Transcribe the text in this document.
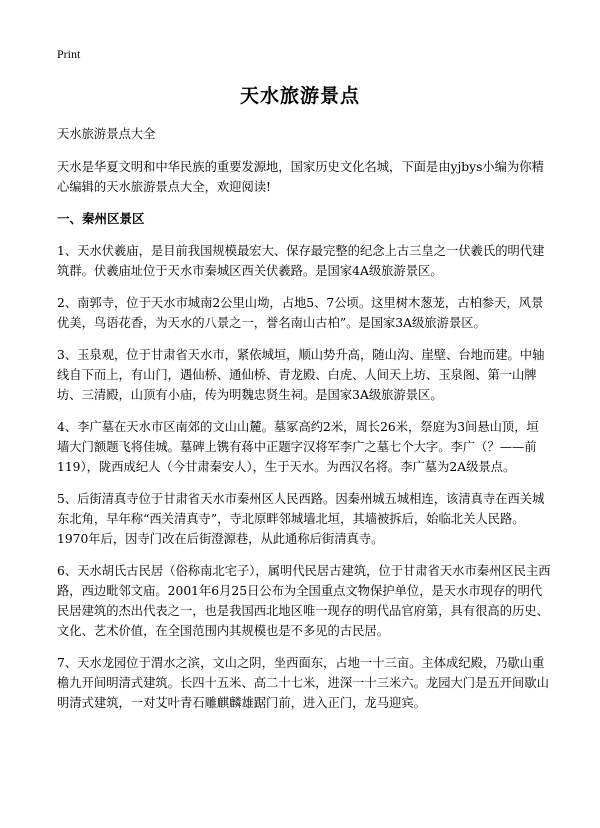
Print
天水旅游景点

天水旅游景点大全

天水是华夏文明和中华民族的重要发源地，国家历史文化名城，下面是由yjbys小编为你精心编辑的天水旅游景点大全，欢迎阅读!

一、秦州区景区

1、天水伏羲庙，是目前我国规模最宏大、保存最完整的纪念上古三皇之一伏羲氏的明代建筑群。伏羲庙址位于天水市秦城区西关伏羲路。是国家4A级旅游景区。

2、南郭寺，位于天水市城南2公里山坳，占地5、7公顷。这里树木葱茏，古柏参天，风景优美，鸟语花香，为天水的八景之一，誉名南山古柏”。是国家3A级旅游景区。

3、玉泉观，位于甘肃省天水市，紧依城垣，顺山势升高，随山沟、崖壁、台地而建。中轴线自下而上，有山门，遇仙桥、通仙桥、青龙殿、白虎、人间天上坊、玉泉阁、第一山牌坊、三清殿，山顶有小庙，传为明魏忠贤生祠。是国家3A级旅游景区。

4、李广墓在天水市区南郊的文山山麓。墓冢高约2米，周长26米，祭庭为3间悬山顶，垣墙大门额题飞将佳城。墓碑上镌有蒋中正题字汉将军李广之墓七个大字。李广（？——前119），陇西成纪人（今甘肃秦安人），生于天水。为西汉名将。李广墓为2A级景点。

5、后街清真寺位于甘肃省天水市秦州区人民西路。因秦州城五城相连，该清真寺在西关城东北角，早年称“西关清真寺”，寺北原畔邻城墙北垣，其墙被拆后，始临北关人民路。1970年后，因寺门改在后街澄源巷，从此通称后街清真寺。

6、天水胡氏古民居（俗称南北宅子），属明代民居古建筑，位于甘肃省天水市秦州区民主西路，西边毗邻文庙。2001年6月25日公布为全国重点文物保护单位，是天水市现存的明代民居建筑的杰出代表之一，也是我国西北地区唯一现存的明代品官府第，具有很高的历史、文化、艺术价值，在全国范围内其规模也是不多见的古民居。

7、天水龙园位于渭水之滨，文山之阴，坐西面东，占地一十三亩。主体成纪殿，乃歇山重檐九开间明清式建筑。长四十五米、高二十七米，进深一十三米六。龙园大门是五开间歇山明清式建筑，一对艾叶青石雕麒麟雄踞门前，进入正门，龙马迎宾。
